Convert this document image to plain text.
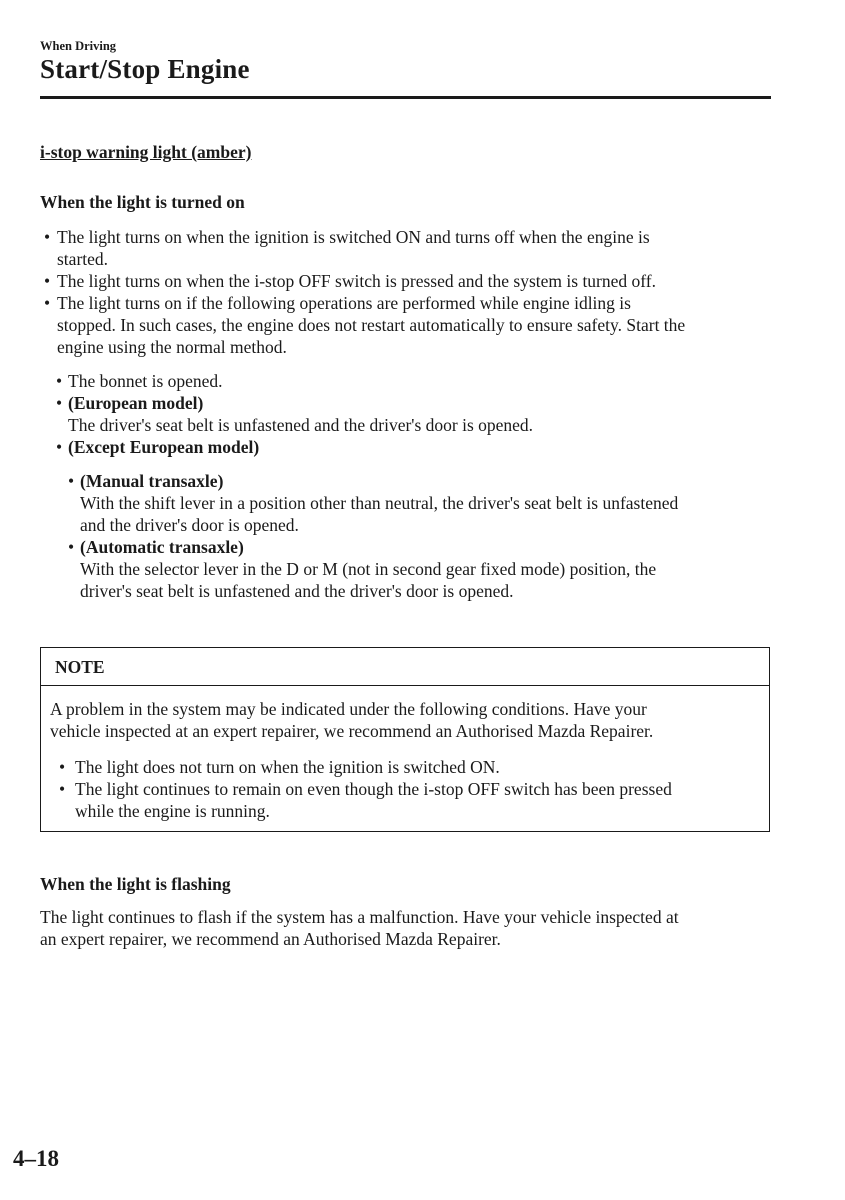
When Driving
Start/Stop Engine
i-stop warning light (amber)
When the light is turned on
• The light turns on when the ignition is switched ON and turns off when the engine is
started.
• The light turns on when the i-stop OFF switch is pressed and the system is turned off.
• The light turns on if the following operations are performed while engine idling is
stopped. In such cases, the engine does not restart automatically to ensure safety. Start the
engine using the normal method.
• The bonnet is opened.
• (European model)
The driver's seat belt is unfastened and the driver's door is opened.
• (Except European model)
• (Manual transaxle)
With the shift lever in a position other than neutral, the driver's seat belt is unfastened
and the driver's door is opened.
• (Automatic transaxle)
With the selector lever in the D or M (not in second gear fixed mode) position, the
driver's seat belt is unfastened and the driver's door is opened.
NOTE
A problem in the system may be indicated under the following conditions. Have your
vehicle inspected at an expert repairer, we recommend an Authorised Mazda Repairer.
• The light does not turn on when the ignition is switched ON.
• The light continues to remain on even though the i-stop OFF switch has been pressed
while the engine is running.
When the light is flashing
The light continues to flash if the system has a malfunction. Have your vehicle inspected at
an expert repairer, we recommend an Authorised Mazda Repairer.
4–18
